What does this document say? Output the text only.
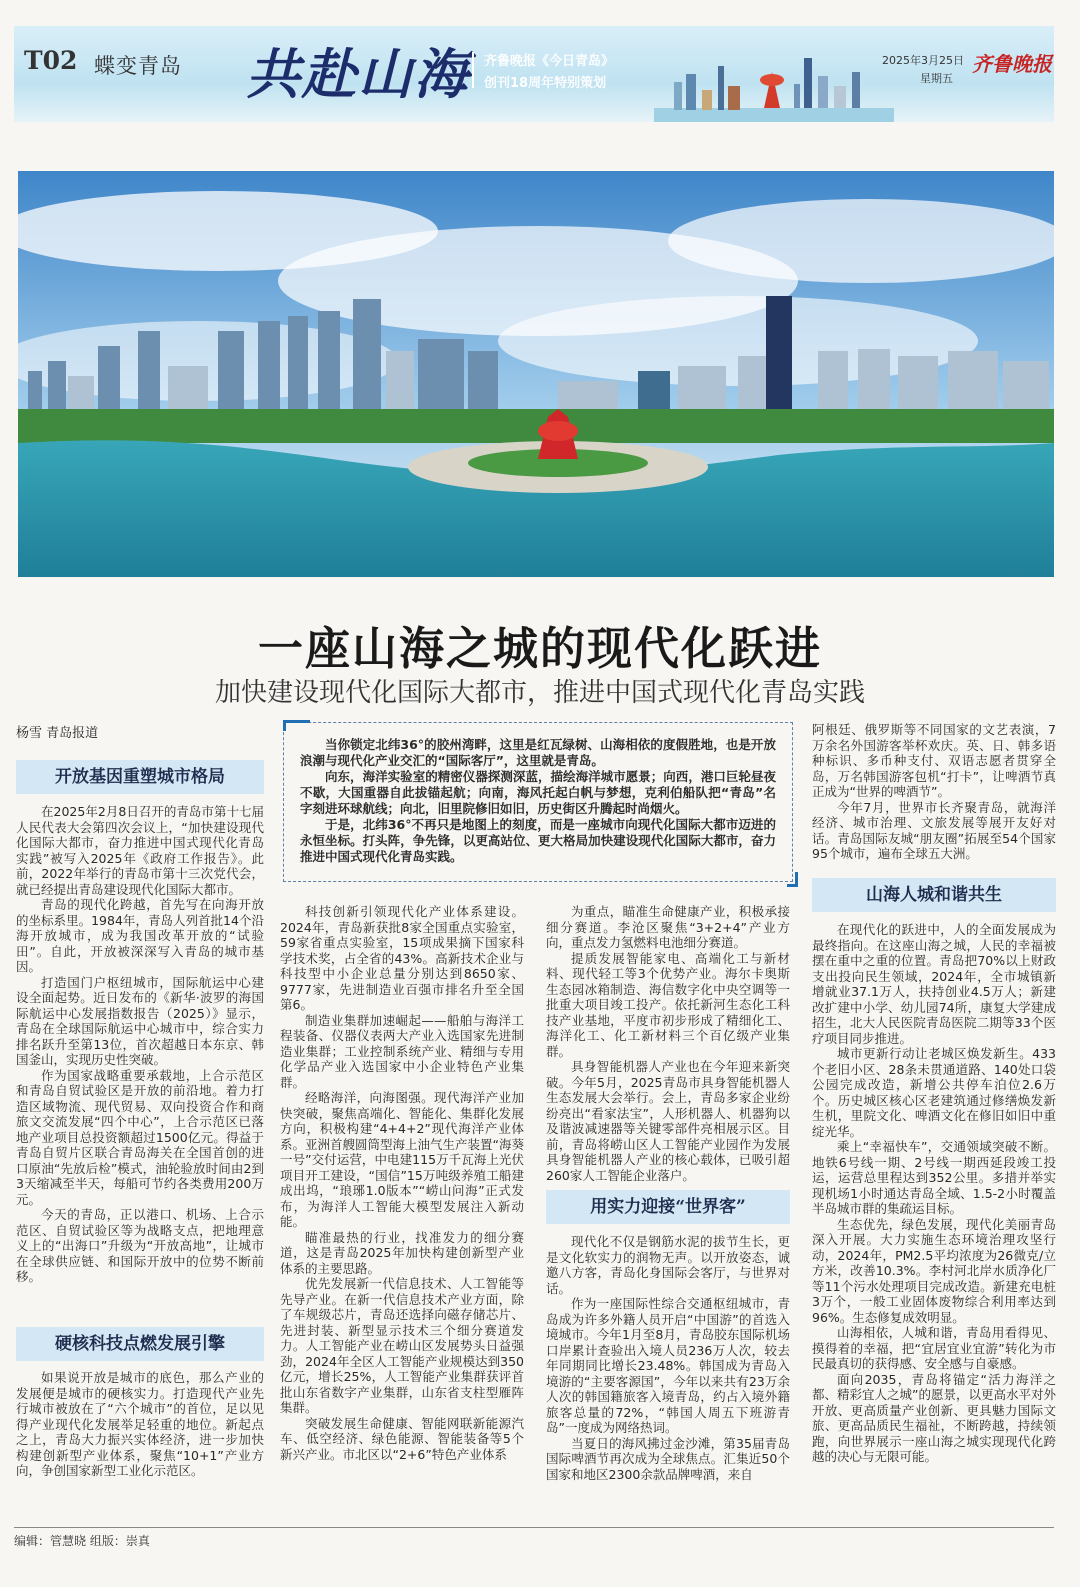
T02 蝶变青岛 共赴山海 齐鲁晚报《今日青岛》
创刊18周年特别策划
2025年3月25日
星期五
齐鲁晚报
一座山海之城的现代化跃进
加快建设现代化国际大都市，推进中国式现代化青岛实践
杨雪 青岛报道

当你锁定北纬36°的胶州湾畔，这里是红瓦绿树、山海相依的度假胜地，也是开放浪潮与现代化产业交汇的“国际客厅”，这里就是青岛。

向东，海洋实验室的精密仪器探测深蓝，描绘海洋城市愿景；向西，港口巨轮昼夜不歇，大国重器自此拔锚起航；向南，海风托起白帆与梦想，克利伯船队把“青岛”名字刻进环球航线；向北，旧里院修旧如旧，历史街区升腾起时尚烟火。

于是，北纬36°不再只是地图上的刻度，而是一座城市向现代化国际大都市迈进的永恒坐标。打头阵，争先锋，以更高站位、更大格局加快建设现代化国际大都市，奋力推进中国式现代化青岛实践。

开放基因重塑城市格局

在2025年2月8日召开的青岛市第十七届人民代表大会第四次会议上，“加快建设现代化国际大都市，奋力推进中国式现代化青岛实践”被写入2025年《政府工作报告》。此前，2022年举行的青岛市第十三次党代会，就已经提出青岛建设现代化国际大都市。

青岛的现代化跨越，首先写在向海开放的坐标系里。1984年，青岛人列首批14个沿海开放城市，成为我国改革开放的“试验田”。自此，开放被深深写入青岛的城市基因。

打造国门户枢纽城市，国际航运中心建设全面起势。近日发布的《新华·波罗的海国际航运中心发展指数报告（2025）》显示，青岛在全球国际航运中心城市中，综合实力排名跃升至第13位，首次超越日本东京、韩国釜山，实现历史性突破。

作为国家战略重要承载地，上合示范区和青岛自贸试验区是开放的前沿地。着力打造区域物流、现代贸易、双向投资合作和商旅文交流发展“四个中心”，上合示范区已落地产业项目总投资额超过1500亿元。得益于青岛自贸片区联合青岛海关在全国首创的进口原油“先放后检”模式，油轮验放时间由2到3天缩减至半天，每船可节约各类费用200万元。

今天的青岛，正以港口、机场、上合示范区、自贸试验区等为战略支点，把地理意义上的“出海口”升级为“开放高地”，让城市在全球供应链、和国际开放中的位势不断前移。

硬核科技点燃发展引擎

如果说开放是城市的底色，那么产业的发展便是城市的硬核实力。打造现代产业先行城市被放在了“六个城市”的首位，足以见得产业现代化发展举足轻重的地位。新起点之上，青岛大力振兴实体经济，进一步加快构建创新型产业体系，聚焦“10+1”产业方向，争创国家新型工业化示范区。

科技创新引领现代化产业体系建设。2024年，青岛新获批8家全国重点实验室，59家省重点实验室，15项成果摘下国家科学技术奖，占全省的43%。高新技术企业与科技型中小企业总量分别达到8650家、9777家，先进制造业百强市排名升至全国第6。

制造业集群加速崛起——船舶与海洋工程装备、仪器仪表两大产业入选国家先进制造业集群；工业控制系统产业、精细与专用化学品产业入选国家中小企业特色产业集群。

经略海洋，向海图强。现代海洋产业加快突破，聚焦高端化、智能化、集群化发展方向，积极构建“4+4+2”现代海洋产业体系。亚洲首艘圆筒型海上油气生产装置“海葵一号”交付运营，中电建115万千瓦海上光伏项目开工建设，“国信”15万吨级养殖工船建成出坞，“琅琊1.0版本”“崂山问海”正式发布，为海洋人工智能大模型发展注入新动能。

瞄准最热的行业，找准发力的细分赛道，这是青岛2025年加快构建创新型产业体系的主要思路。

优先发展新一代信息技术、人工智能等先导产业。在新一代信息技术产业方面，除了车规级芯片，青岛还选择向磁存储芯片、先进封装、新型显示技术三个细分赛道发力。人工智能产业在崂山区发展势头日益强劲，2024年全区人工智能产业规模达到350亿元，增长25%，人工智能产业集群获评首批山东省数字产业集群，山东省支柱型雁阵集群。

突破发展生命健康、智能网联新能源汽车、低空经济、绿色能源、智能装备等5个新兴产业。市北区以“2+6”特色产业体系

为重点，瞄准生命健康产业，积极承接细分赛道。李沧区聚焦“3+2+4”产业方向，重点发力氢燃料电池细分赛道。

提质发展智能家电、高端化工与新材料、现代轻工等3个优势产业。海尔卡奥斯生态园冰箱制造、海信数字化中央空调等一批重大项目竣工投产。依托新河生态化工科技产业基地，平度市初步形成了精细化工、海洋化工、化工新材料三个百亿级产业集群。

具身智能机器人产业也在今年迎来新突破。今年5月，2025青岛市具身智能机器人生态发展大会举行。会上，青岛多家企业纷纷亮出“看家法宝”，人形机器人、机器狗以及谐波减速器等关键零部件亮相展示区。目前，青岛将崂山区人工智能产业园作为发展具身智能机器人产业的核心载体，已吸引超260家人工智能企业落户。

用实力迎接“世界客”

现代化不仅是钢筋水泥的拔节生长，更是文化软实力的润物无声。以开放姿态，诚邀八方客，青岛化身国际会客厅，与世界对话。

作为一座国际性综合交通枢纽城市，青岛成为许多外籍人员开启“中国游”的首选入境城市。今年1月至8月，青岛胶东国际机场口岸累计查验出入境人员236万人次，较去年同期同比增长23.48%。韩国成为青岛入境游的“主要客源国”，今年以来共有23万余人次的韩国籍旅客入境青岛，约占入境外籍旅客总量的72%，“韩国人周五下班游青岛”一度成为网络热词。

当夏日的海风拂过金沙滩，第35届青岛国际啤酒节再次成为全球焦点。汇集近50个国家和地区2300余款品牌啤酒，来自

阿根廷、俄罗斯等不同国家的文艺表演，7万余名外国游客举杯欢庆。英、日、韩多语种标识、多币种支付、双语志愿者贯穿全岛，万名韩国游客包机“打卡”，让啤酒节真正成为“世界的啤酒节”。

今年7月，世界市长齐聚青岛，就海洋经济、城市治理、文旅发展等展开友好对话。青岛国际友城“朋友圈”拓展至54个国家95个城市，遍布全球五大洲。

山海人城和谐共生

在现代化的跃进中，人的全面发展成为最终指向。在这座山海之城，人民的幸福被摆在重中之重的位置。青岛把70%以上财政支出投向民生领域，2024年，全市城镇新增就业37.1万人，扶持创业4.5万人；新建改扩建中小学、幼儿园74所，康复大学建成招生，北大人民医院青岛医院二期等33个医疗项目同步推进。

城市更新行动让老城区焕发新生。433个老旧小区、28条未贯通道路、140处口袋公园完成改造，新增公共停车泊位2.6万个。历史城区核心区老建筑通过修缮焕发新生机，里院文化、啤酒文化在修旧如旧中重绽光华。

乘上“幸福快车”，交通领域突破不断。地铁6号线一期、2号线一期西延段竣工投运，运营总里程达到352公里。多措并举实现机场1小时通达青岛全域、1.5-2小时覆盖半岛城市群的集疏运目标。

生态优先，绿色发展，现代化美丽青岛深入开展。大力实施生态环境治理攻坚行动，2024年，PM2.5平均浓度为26微克/立方米，改善10.3%。李村河北岸水质净化厂等11个污水处理项目完成改造。新建充电桩3万个，一般工业固体废物综合利用率达到96%。生态修复成效明显。

山海相依，人城和谐，青岛用看得见、摸得着的幸福，把“宜居宜业宜游”转化为市民最真切的获得感、安全感与自豪感。

面向2035，青岛将锚定“活力海洋之都、精彩宜人之城”的愿景，以更高水平对外开放、更高质量产业创新、更具魅力国际文旅、更高品质民生福祉，不断跨越，持续领跑，向世界展示一座山海之城实现现代化跨越的决心与无限可能。

编辑：管慧晓 组版：崇真
